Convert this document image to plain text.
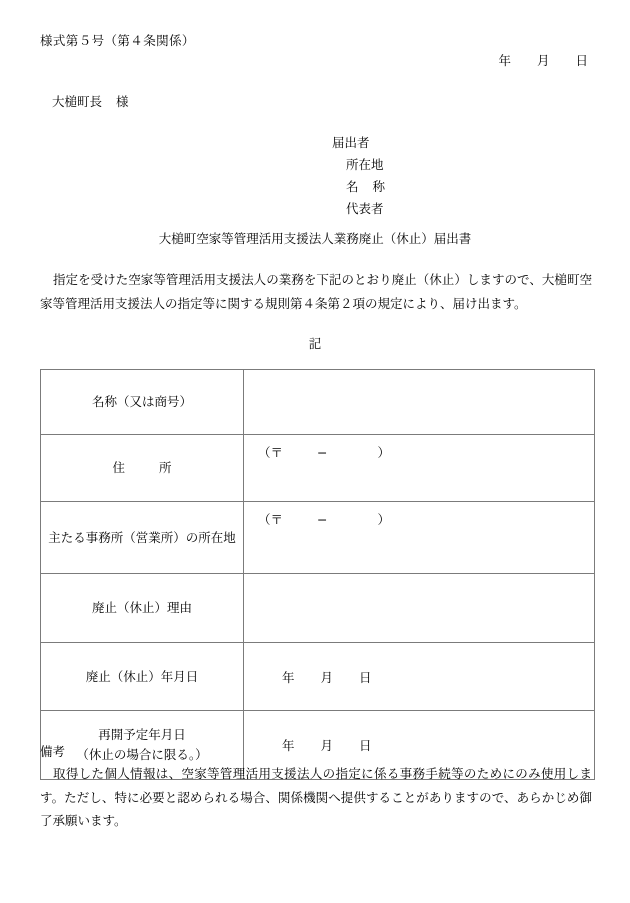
様式第５号（第４条関係）
年 月 日
大槌町長 様
届出者
所在地
名 称
代表者
大槌町空家等管理活用支援法人業務廃止（休止）届出書
指定を受けた空家等管理活用支援法人の業務を下記のとおり廃止（休止）しますので、大槌町空家等管理活用支援法人の指定等に関する規則第４条第２項の規定により、届け出ます。
記
名称（又は商号）	
住 所	（〒 − ）

主たる事務所（営業所）の所在地	（〒 − ）

廃止（休止）理由	
廃止（休止）年月日	年 月 日

再開予定年月日
（休止の場合に限る。）	年 月 日
備考
取得した個人情報は、空家等管理活用支援法人の指定に係る事務手続等のためにのみ使用します。ただし、特に必要と認められる場合、関係機関へ提供することがありますので、あらかじめ御了承願います。
